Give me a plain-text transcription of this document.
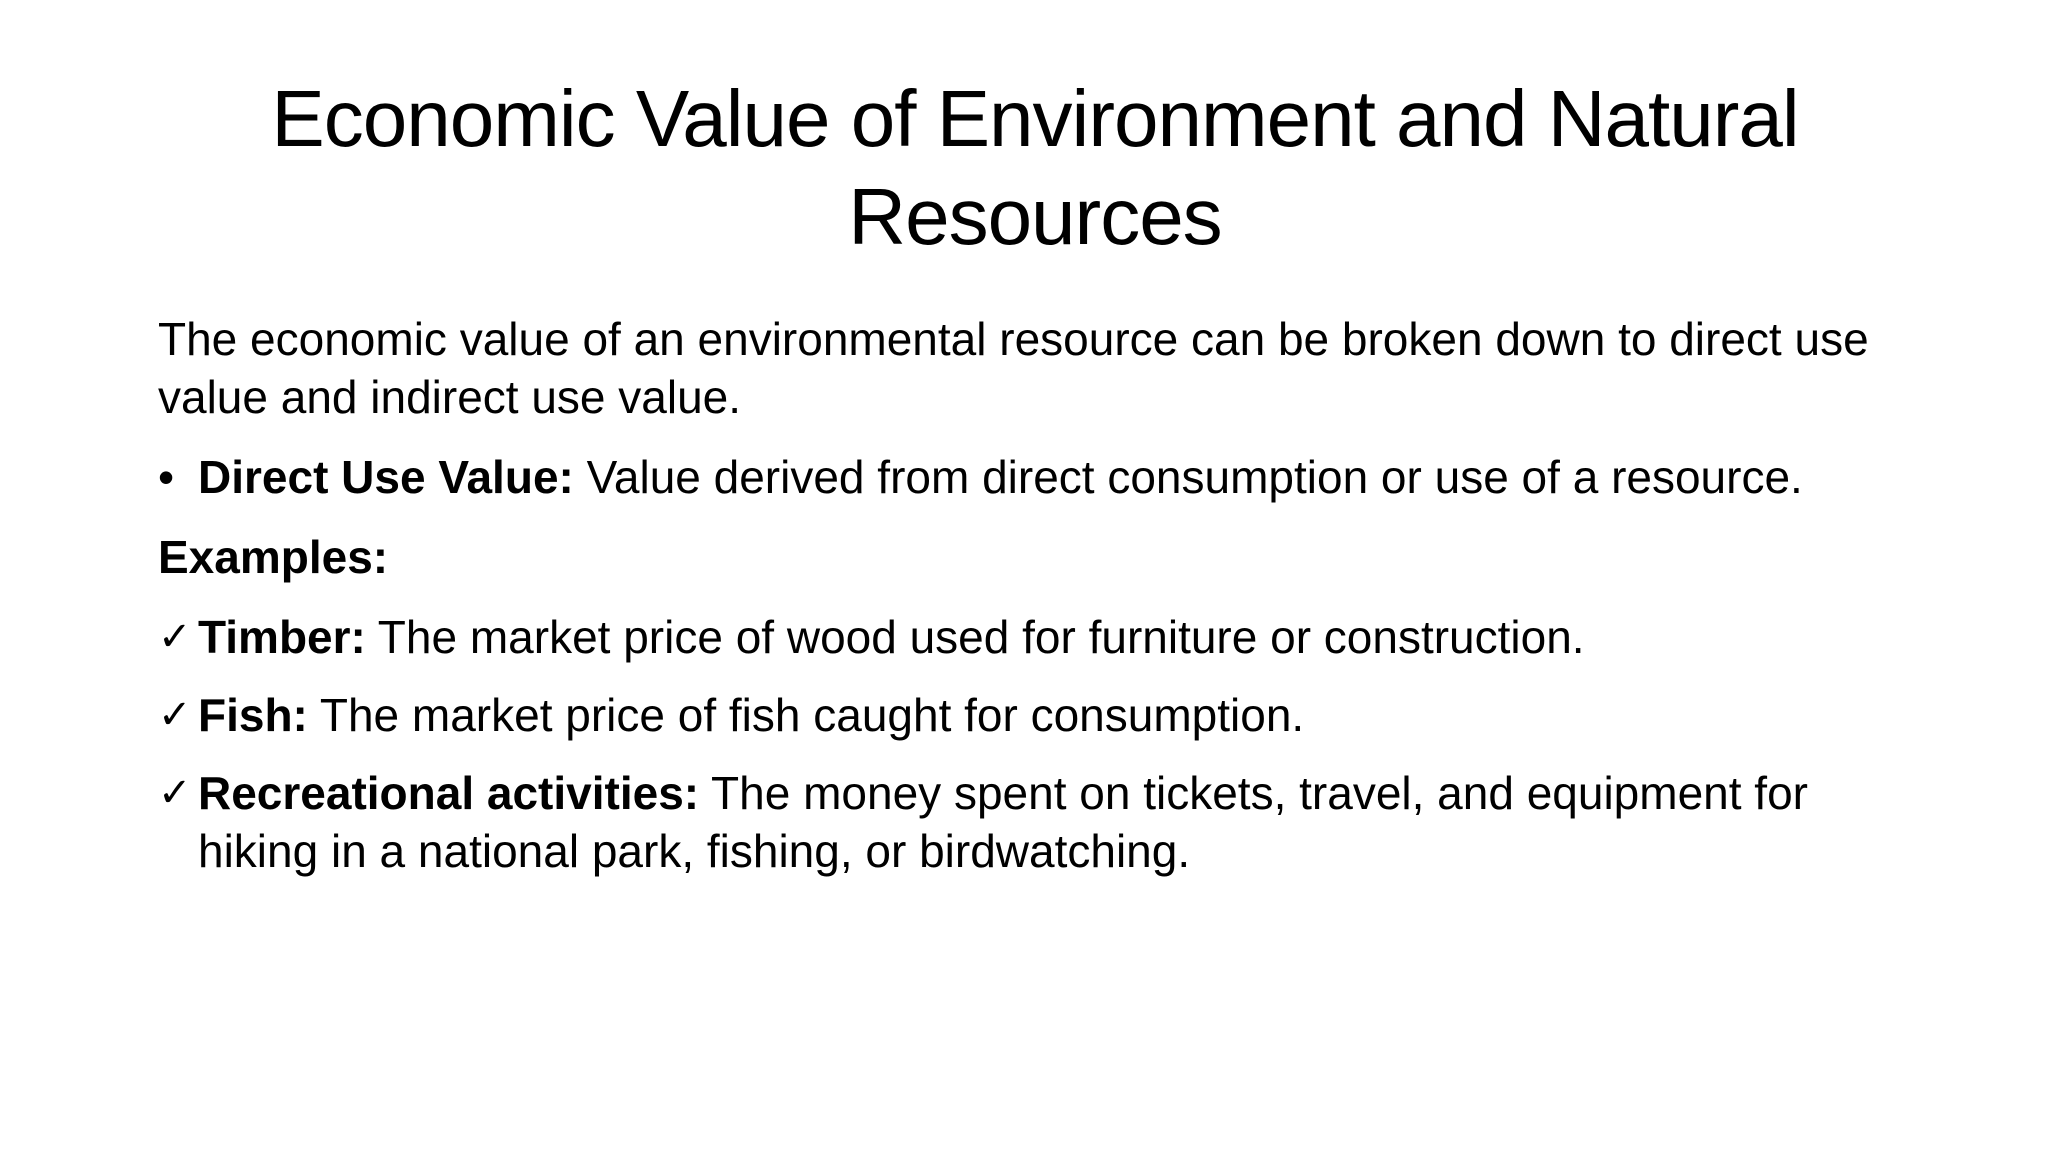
Economic Value of Environment and Natural Resources

The economic value of an environmental resource can be broken down to direct use value and indirect use value.

• Direct Use Value: Value derived from direct consumption or use of a resource.
Examples:
✓ Timber: The market price of wood used for furniture or construction.
✓ Fish: The market price of fish caught for consumption.
✓ Recreational activities: The money spent on tickets, travel, and equipment for hiking in a national park, fishing, or birdwatching.
